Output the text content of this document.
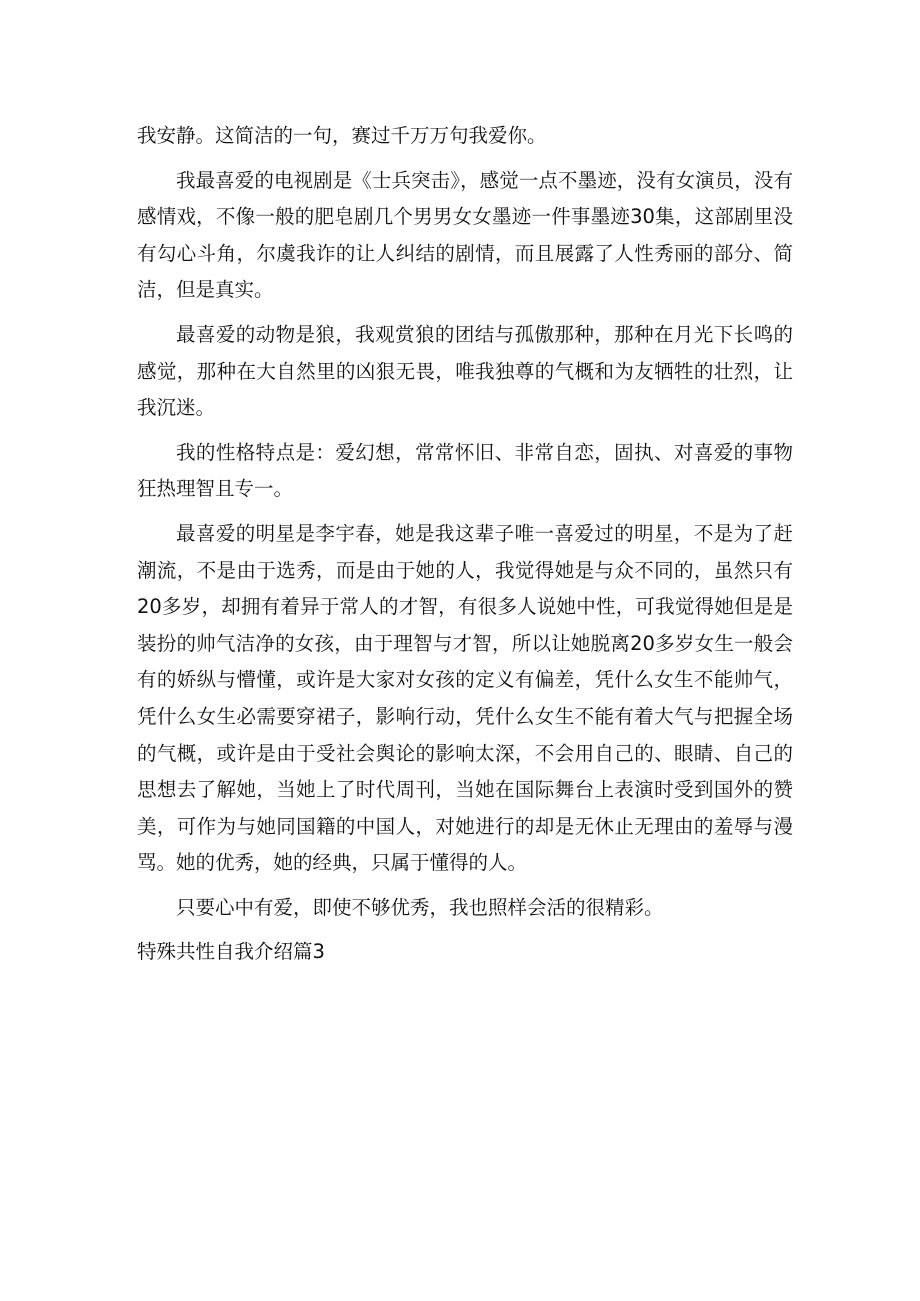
我安静。这简洁的一句，赛过千万万句我爱你。

我最喜爱的电视剧是《士兵突击》，感觉一点不墨迹，没有女演员，没有感情戏，不像一般的肥皂剧几个男男女女墨迹一件事墨迹30集，这部剧里没有勾心斗角，尔虞我诈的让人纠结的剧情，而且展露了人性秀丽的部分、简洁，但是真实。

最喜爱的动物是狼，我观赏狼的团结与孤傲那种，那种在月光下长鸣的感觉，那种在大自然里的凶狠无畏，唯我独尊的气概和为友牺牲的壮烈，让我沉迷。

我的性格特点是：爱幻想，常常怀旧、非常自恋，固执、对喜爱的事物狂热理智且专一。

最喜爱的明星是李宇春，她是我这辈子唯一喜爱过的明星，不是为了赶潮流，不是由于选秀，而是由于她的人，我觉得她是与众不同的，虽然只有20多岁，却拥有着异于常人的才智，有很多人说她中性，可我觉得她但是是装扮的帅气洁净的女孩，由于理智与才智，所以让她脱离20多岁女生一般会有的娇纵与懵懂，或许是大家对女孩的定义有偏差，凭什么女生不能帅气，凭什么女生必需要穿裙子，影响行动，凭什么女生不能有着大气与把握全场的气概，或许是由于受社会舆论的影响太深，不会用自己的、眼睛、自己的思想去了解她，当她上了时代周刊，当她在国际舞台上表演时受到国外的赞美，可作为与她同国籍的中国人，对她进行的却是无休止无理由的羞辱与漫骂。她的优秀，她的经典，只属于懂得的人。

只要心中有爱，即使不够优秀，我也照样会活的很精彩。

特殊共性自我介绍篇3
